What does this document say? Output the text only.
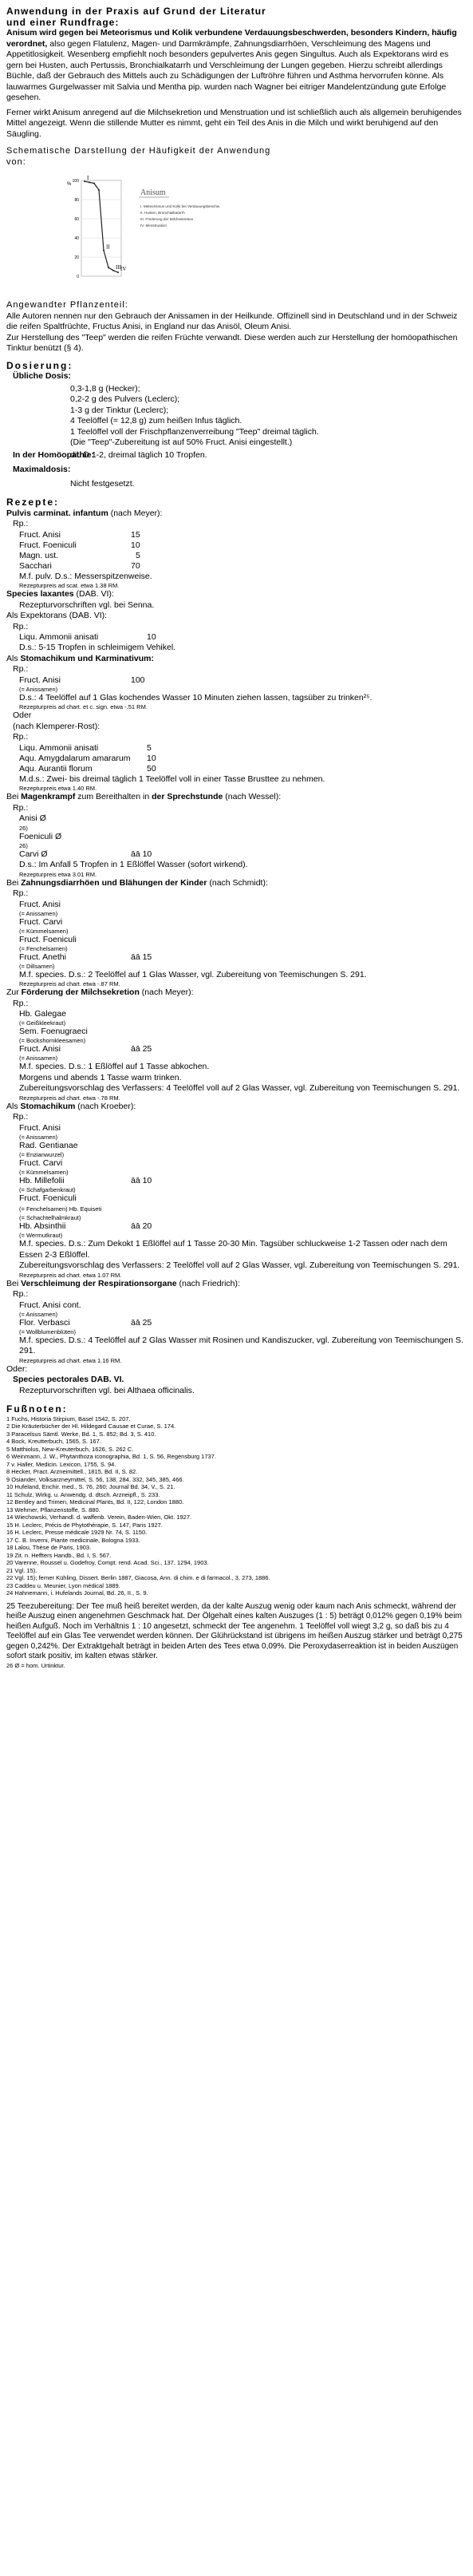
Anwendung in der Praxis auf Grund der Literatur
und einer Rundfrage:
Anisum wird gegen bei Meteorismus und Kolik verbundene Verdauungsbeschwerden, besonders Kindern, häufig verordnet, also gegen Flatulenz, Magen- und Darmkrämpfe, Zahnungsdiarrhöen, Verschleimung des Magens und Appetitlosigkeit. Wesenberg empfiehlt noch besonders gepulvertes Anis gegen Singultus. Auch als Expektorans wird es gern bei Husten, auch Pertussis, Bronchialkatarrh und Verschleimung der Lungen gegeben. Hierzu schreibt allerdings Büchle, daß der Gebrauch des Mittels auch zu Schädigungen der Luftröhre führen und Asthma hervorrufen könne. Als lauwarmes Gurgelwasser mit Salvia und Mentha pip. wurden nach Wagner bei eitriger Mandelentzündung gute Erfolge gesehen.
Ferner wirkt Anisum anregend auf die Milchsekretion und Menstruation und ist schließlich auch als allgemein beruhigendes Mittel angezeigt. Wenn die stillende Mutter es nimmt, geht ein Teil des Anis in die Milch und wirkt beruhigend auf den Säugling.
Schematische Darstellung der Häufigkeit der Anwendung
von:
I
II
III IV
100
80
60
40
20
0
%
Anisum
I. Meteorismus und Kolik bei Verdauungsbeschw.
II. Husten, Bronchialkatarrh
III. Förderung der Milchsekretion
IV. Menstruation
Angewandter Pflanzenteil:
Alle Autoren nennen nur den Gebrauch der Anissamen in der Heilkunde. Offizinell sind in Deutschland und in der Schweiz die reifen Spaltfrüchte, Fructus Anisi, in England nur das Anisöl, Oleum Anisi.
Zur Herstellung des "Teep" werden die reifen Früchte verwandt. Diese werden auch zur Herstellung der homöopathischen Tinktur benützt (§ 4).
Dosierung:
Übliche Dosis:
0,3-1,8 g (Hecker);
0,2-2 g des Pulvers (Leclerc);
1-3 g der Tinktur (Leclerc);
4 Teelöffel (= 12,8 g) zum heißen Infus täglich.
1 Teelöffel voll der Frischpflanzenverreibung "Teep" dreimal täglich.
(Die "Teep"-Zubereitung ist auf 50% Fruct. Anisi eingestellt.)
In der Homöopathie:
dil. D 1-2, dreimal täglich 10 Tropfen.
Maximaldosis:
Nicht festgesetzt.
Rezepte:
Pulvis carminat. infantum (nach Meyer):
Rp.:
Fruct. Anisi	15
Fruct. Foeniculi	10
Magn. ust.	5
Sacchari	70
M.f. pulv. D.s.: Messerspitzenweise.
Rezepturpreis ad scat. etwa 1.38 RM.
Species laxantes (DAB. VI):
Rezepturvorschriften vgl. bei Senna.
Als Expektorans (DAB. VI):
Rp.:
Liqu. Ammonii anisati	10
D.s.: 5-15 Tropfen in schleimigem Vehikel.
Als Stomachikum und Karminativum:
Rp.:
Fruct. Anisi	100
(= Anissamen)
D.s.: 4 Teelöffel auf 1 Glas kochendes Wasser 10 Minuten ziehen lassen, tagsüber zu trinken²⁵.
Rezepturpreis ad chart. et c. sign. etwa -.51 RM.
Oder
(nach Klemperer-Rost):
Rp.:
Liqu. Ammonii anisati	5
Aqu. Amygdalarum amararum	10
Aqu. Aurantii florum	50
M.d.s.: Zwei- bis dreimal täglich 1 Teelöffel voll in einer Tasse Brusttee zu nehmen.
Rezepturpreis etwa 1.40 RM.
Bei Magenkrampf zum Bereithalten in der Sprechstunde (nach Wessel):
Rp.:
Anisi Ø
26)
Foeniculi Ø
26)
Carvi Ø	āā 10
D.s.: Im Anfall 5 Tropfen in 1 Eßlöffel Wasser (sofort wirkend).
Rezepturpreis etwa 3.01 RM.
Bei Zahnungsdiarrhöen und Blähungen der Kinder (nach Schmidt):
Rp.:
Fruct. Anisi
(= Anissamen)
Fruct. Carvi
(= Kümmelsamen)
Fruct. Foeniculi
(= Fenchelsamen)
Fruct. Anethi	āā 15
(= Dillsamen)
M.f. species. D.s.: 2 Teelöffel auf 1 Glas Wasser, vgl. Zubereitung von Teemischungen S. 291.
Rezepturpreis ad chart. etwa -.87 RM.
Zur Förderung der Milchsekretion (nach Meyer):
Rp.:
Hb. Galegae
(= Geißkleekraut)
Sem. Foenugraeci
(= Bockshornkleesamen)
Fruct. Anisi	āā 25
(= Anissamen)
M.f. species. D.s.: 1 Eßlöffel auf 1 Tasse abkochen.
Morgens und abends 1 Tasse warm trinken.
Zubereitungsvorschlag des Verfassers: 4 Teelöffel voll auf 2 Glas Wasser, vgl. Zubereitung von Teemischungen S. 291.
Rezepturpreis ad chart. etwa -.78 RM.
Als Stomachikum (nach Kroeber):
Rp.:
Fruct. Anisi
(= Anissamen)
Rad. Gentianae
(= Enzianwurzel)
Fruct. Carvi
(= Kümmelsamen)
Hb. Millefolii	āā 10
(= Schafgarbenkraut)
Fruct. Foeniculi
(= Fenchelsamen) Hb. Equiseti
(= Schachtelhalmkraut)
Hb. Absinthii	āā 20
(= Wermutkraut)
M.f. species. D.s.: Zum Dekokt 1 Eßlöffel auf 1 Tasse 20-30 Min. Tagsüber schluckweise 1-2 Tassen oder nach dem Essen 2-3 Eßlöffel.
Zubereitungsvorschlag des Verfassers: 2 Teelöffel voll auf 2 Glas Wasser, vgl. Zubereitung von Teemischungen S. 291.
Rezepturpreis ad chart. etwa 1.07 RM.
Bei Verschleimung der Respirationsorgane (nach Friedrich):
Rp.:
Fruct. Anisi cont.
(= Anissamen)
Flor. Verbasci	āā 25
(= Wollblumenblüten)
M.f. species. D.s.: 4 Teelöffel auf 2 Glas Wasser mit Rosinen und Kandiszucker, vgl. Zubereitung von Teemischungen S. 291.
Rezepturpreis ad chart. etwa 1.16 RM.
Oder:
Species pectorales DAB. VI.
Rezepturvorschriften vgl. bei Althaea officinalis.
Fußnoten:
1 Fuchs, Historia Stirpium, Basel 1542, S. 207.
2 Die Kräuterbücher der Hl. Hildegard Causae et Curae, S. 174.
3 Paracelsus Sämtl. Werke, Bd. 1, S. 852; Bd. 3, S. 410.
4 Bock, Kreutterbuch, 1565, S. 167.
5 Matthiolus, New-Kreuterbuch, 1626, S. 262 C.
6 Weinmann, J. W., Phytanthoza iconographia, Bd. 1, S. 56, Regensburg 1737.
7 v. Haller, Medicin. Lexicon, 1755, S. 94.
8 Hecker, Pract. Arzneimittell., 1815, Bd. II, S. 82.
9 Osiander, Volksarzneymittel, S. 56, 138, 284, 332, 345, 385, 466.
10 Hufeland, Enchir. med., S. 76, 260; Journal Bd. 34, V., S. 21.
11 Schulz, Wirkg. u. Anwendg. d. dtsch. Arzneipfl., S. 233.
12 Bentley and Trimen, Medicinal Plants, Bd. II, 122, London 1880.
13 Wehmer, Pflanzenstoffe, S. 880.
14 Wiechowski, Verhandl. d. waffenb. Verein, Baden-Wien, Okt. 1927.
15 H. Leclerc, Précis de Phytothérapie, S. 147, Paris 1927.
16 H. Leclerc, Presse médicale 1929 Nr. 74, S. 1150.
17 C. B. Inverni, Piante medicinale, Bologna 1933.
18 Lalou, Thèse de Paris, 1903.
19 Zit. n. Heffters Handb., Bd. I, S. 567.
20 Varenne, Roussel u. Godefroy, Compt. rend. Acad. Sci., 137, 1294, 1903.
21 Vgl. 15).
22 Vgl. 15); ferner Kühling, Dissert. Berlin 1887, Giacosa, Ann. di chim. e di farmacol., 3, 273, 1886.
23 Caddeu u. Meunier, Lyon médical 1889.
24 Hahnemann, i. Hufelands Journal, Bd. 26, II., S. 9.
25 Teezubereitung: Der Tee muß heiß bereitet werden, da der kalte Auszug wenig oder kaum nach Anis schmeckt, während der heiße Auszug einen angenehmen Geschmack hat. Der Ölgehalt eines kalten Auszuges (1 : 5) beträgt 0,012% gegen 0,19% beim heißen Aufguß. Noch im Verhältnis 1 : 10 angesetzt, schmeckt der Tee angenehm. 1 Teelöffel voll wiegt 3,2 g, so daß bis zu 4 Teelöffel auf ein Glas Tee verwendet werden können. Der Glührückstand ist übrigens im heißen Auszug stärker und beträgt 0,275 gegen 0,242%. Der Extraktgehalt beträgt in beiden Arten des Tees etwa 0,09%. Die Peroxydaserreaktion ist in beiden Auszügen sofort stark positiv, im kalten etwas stärker.
26 Ø = hom. Urtinktur.
